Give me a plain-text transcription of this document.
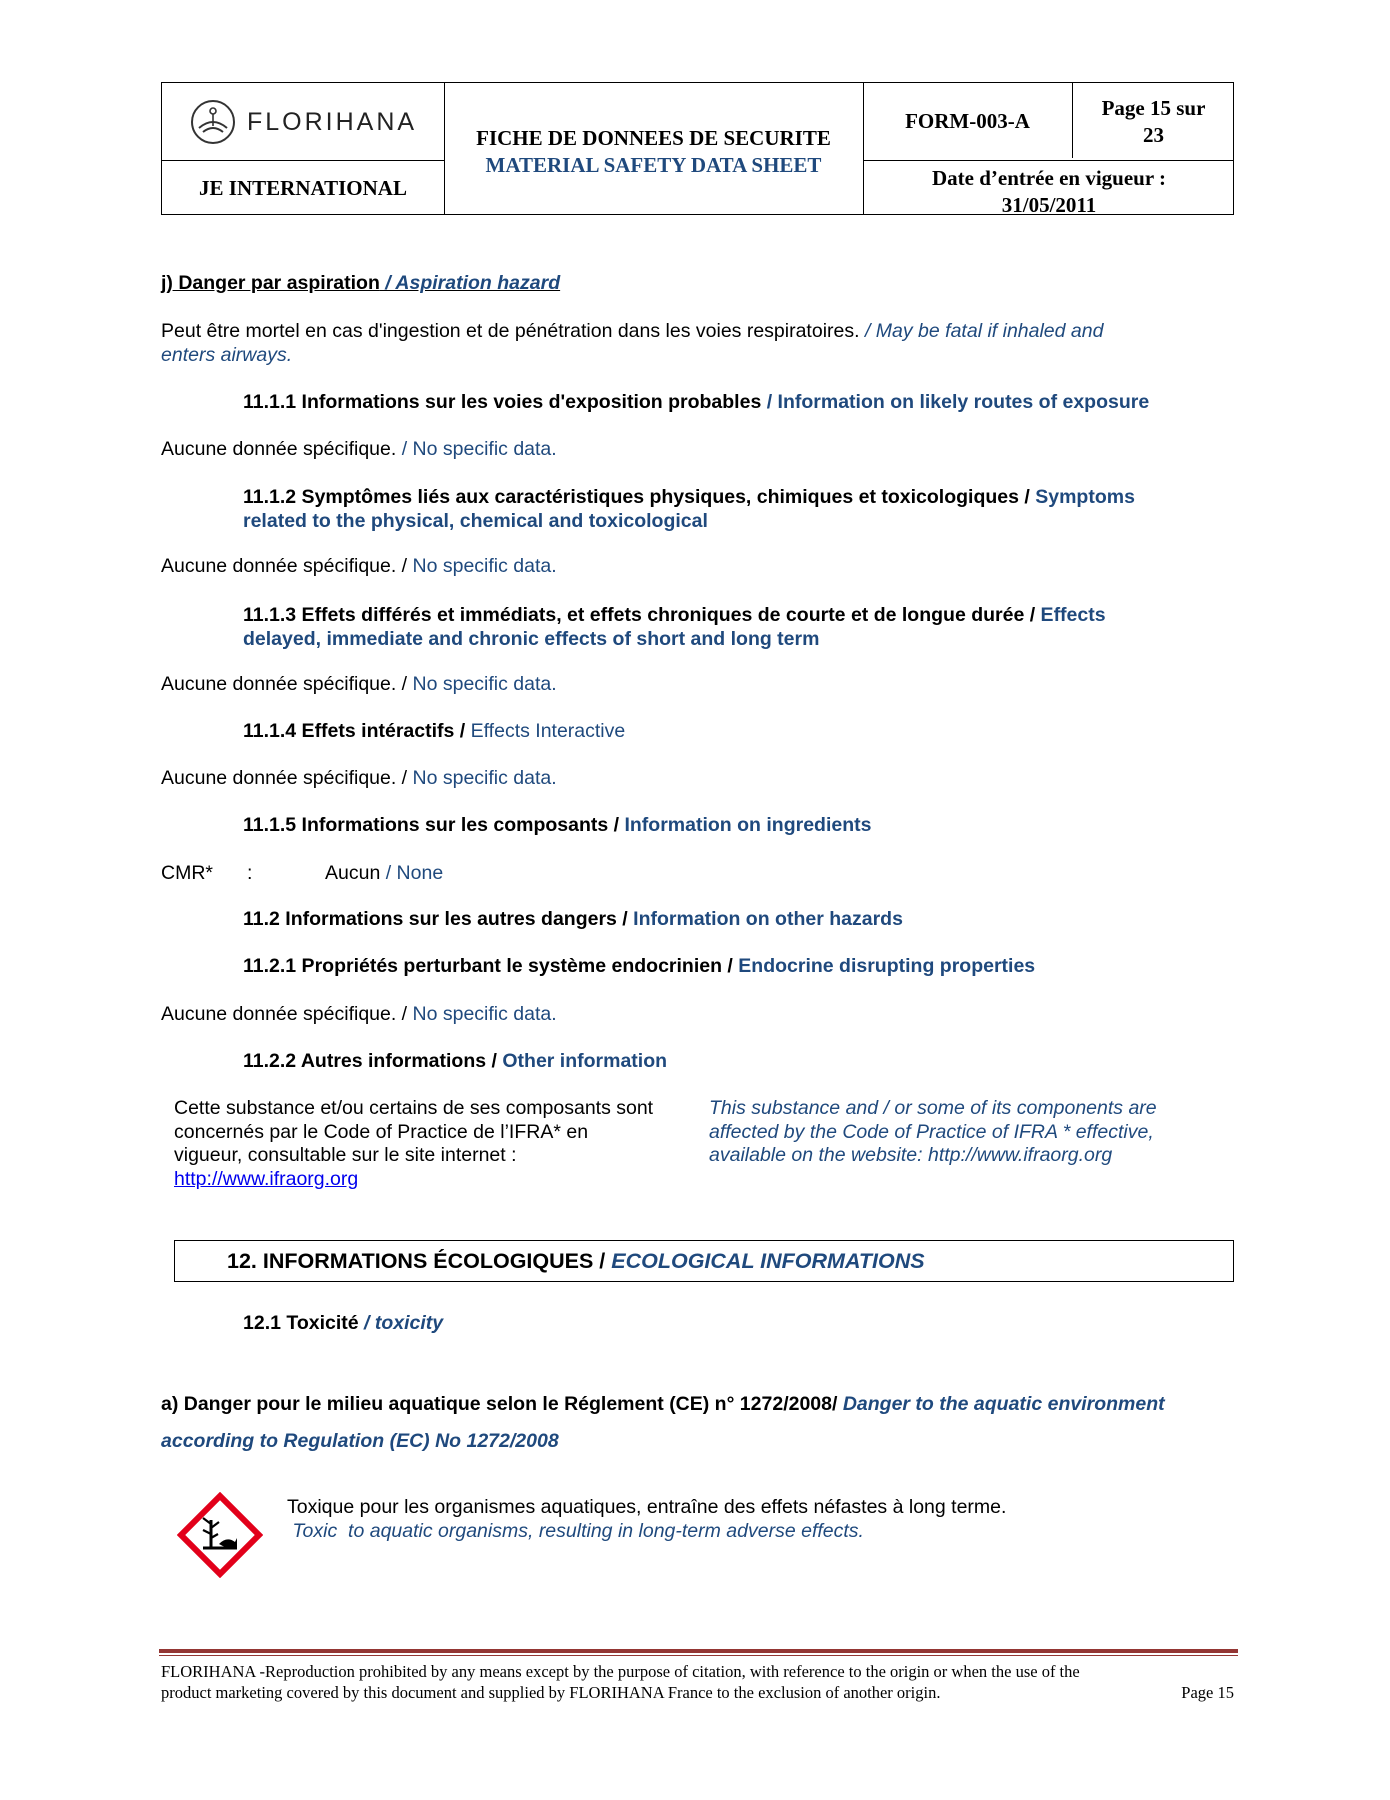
FLORIHANA
JE INTERNATIONAL
FICHE DE DONNEES DE SECURITE
MATERIAL SAFETY DATA SHEET
FORM-003-A
Page 15 sur
23
Date d’entrée en vigueur :
31/05/2011
j) Danger par aspiration / Aspiration hazard
Peut être mortel en cas d'ingestion et de pénétration dans les voies respiratoires. / May be fatal if inhaled and
enters airways.
11.1.1 Informations sur les voies d'exposition probables / Information on likely routes of exposure
Aucune donnée spécifique. / No specific data.
11.1.2 Symptômes liés aux caractéristiques physiques, chimiques et toxicologiques / Symptoms
related to the physical, chemical and toxicological
Aucune donnée spécifique. / No specific data.
11.1.3 Effets différés et immédiats, et effets chroniques de courte et de longue durée / Effects
delayed, immediate and chronic effects of short and long term
Aucune donnée spécifique. / No specific data.
11.1.4 Effets intéractifs / Effects Interactive
Aucune donnée spécifique. / No specific data.
11.1.5 Informations sur les composants / Information on ingredients
CMR* :	Aucun / None
11.2 Informations sur les autres dangers / Information on other hazards
11.2.1 Propriétés perturbant le système endocrinien / Endocrine disrupting properties
Aucune donnée spécifique. / No specific data.
11.2.2 Autres informations / Other information
Cette substance et/ou certains de ses composants sont
concernés par le Code of Practice de l’IFRA* en
vigueur, consultable sur le site internet :
http://www.ifraorg.org
This substance and / or some of its components are
affected by the Code of Practice of IFRA * effective,
available on the website: http://www.ifraorg.org
12. INFORMATIONS ÉCOLOGIQUES / ECOLOGICAL INFORMATIONS
12.1 Toxicité / toxicity
a) Danger pour le milieu aquatique selon le Réglement (CE) n° 1272/2008/ Danger to the aquatic environment
according to Regulation (EC) No 1272/2008
Toxique pour les organismes aquatiques, entraîne des effets néfastes à long terme.
Toxic  to aquatic organisms, resulting in long-term adverse effects.
FLORIHANA -Reproduction prohibited by any means except by the purpose of citation, with reference to the origin or when the use of the
product marketing covered by this document and supplied by FLORIHANA France to the exclusion of another origin.	Page 15
